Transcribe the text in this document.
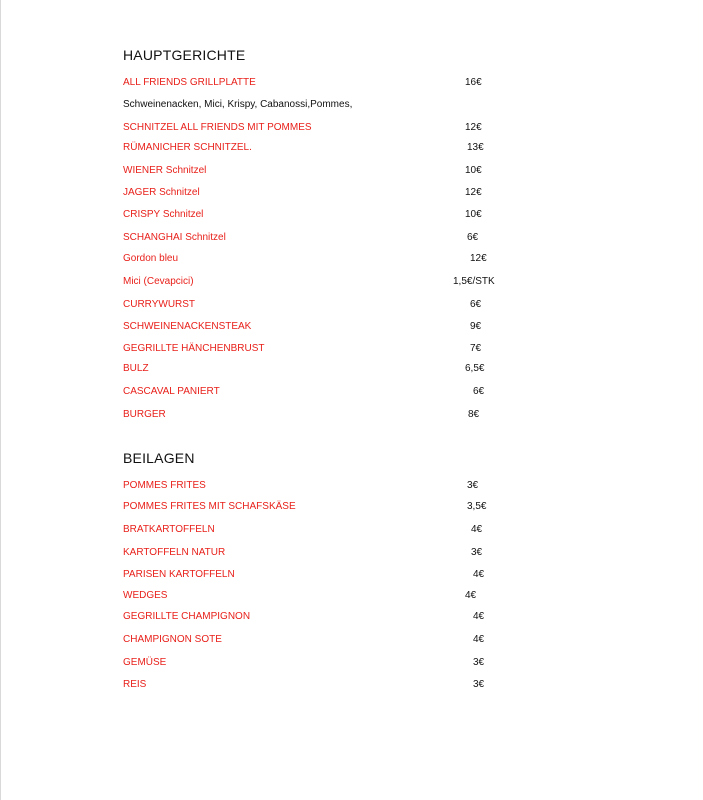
HAUPTGERICHTE
ALL FRIENDS GRILLPLATTE	16€
Schweinenacken, Mici, Krispy, Cabanossi,Pommes,
SCHNITZEL ALL FRIENDS MIT POMMES	12€
RÜMANICHER SCHNITZEL.	13€
WIENER Schnitzel	10€
JAGER Schnitzel	12€
CRISPY Schnitzel	10€
SCHANGHAI Schnitzel	6€
Gordon bleu	12€
Mici (Cevapcici)	1,5€/STK
CURRYWURST	6€
SCHWEINENACKENSTEAK	9€
GEGRILLTE HÄNCHENBRUST	7€
BULZ	6,5€
CASCAVAL PANIERT	6€
BURGER	8€
BEILAGEN
POMMES FRITES	3€
POMMES FRITES MIT SCHAFSKÄSE	3,5€
BRATKARTOFFELN	4€
KARTOFFELN NATUR	3€
PARISEN KARTOFFELN	4€
WEDGES	4€
GEGRILLTE CHAMPIGNON	4€
CHAMPIGNON SOTE	4€
GEMÜSE	3€
REIS	3€
